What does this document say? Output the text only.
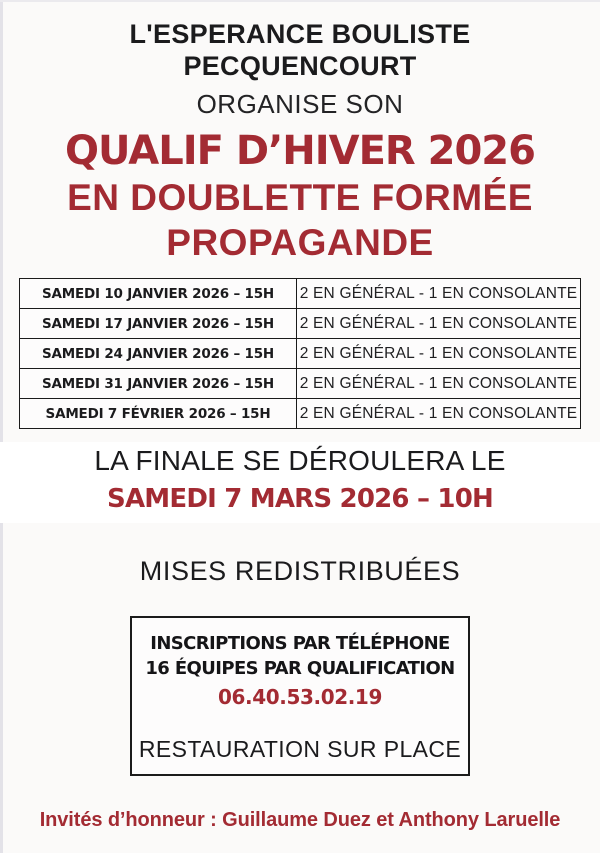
L'ESPERANCE BOULISTE
PECQUENCOURT
ORGANISE SON
QUALIF D’HIVER 2026
EN DOUBLETTE FORMÉE
PROPAGANDE
SAMEDI 10 JANVIER 2026 – 15H	2 EN GÉNÉRAL - 1 EN CONSOLANTE
SAMEDI 17 JANVIER 2026 – 15H	2 EN GÉNÉRAL - 1 EN CONSOLANTE
SAMEDI 24 JANVIER 2026 – 15H	2 EN GÉNÉRAL - 1 EN CONSOLANTE
SAMEDI 31 JANVIER 2026 – 15H	2 EN GÉNÉRAL - 1 EN CONSOLANTE
SAMEDI 7 FÉVRIER 2026 – 15H	2 EN GÉNÉRAL - 1 EN CONSOLANTE
LA FINALE SE DÉROULERA LE
SAMEDI 7 MARS 2026 – 10H
MISES REDISTRIBUÉES
INSCRIPTIONS PAR TÉLÉPHONE
16 ÉQUIPES PAR QUALIFICATION
06.40.53.02.19
RESTAURATION SUR PLACE
Invités d’honneur : Guillaume Duez et Anthony Laruelle
